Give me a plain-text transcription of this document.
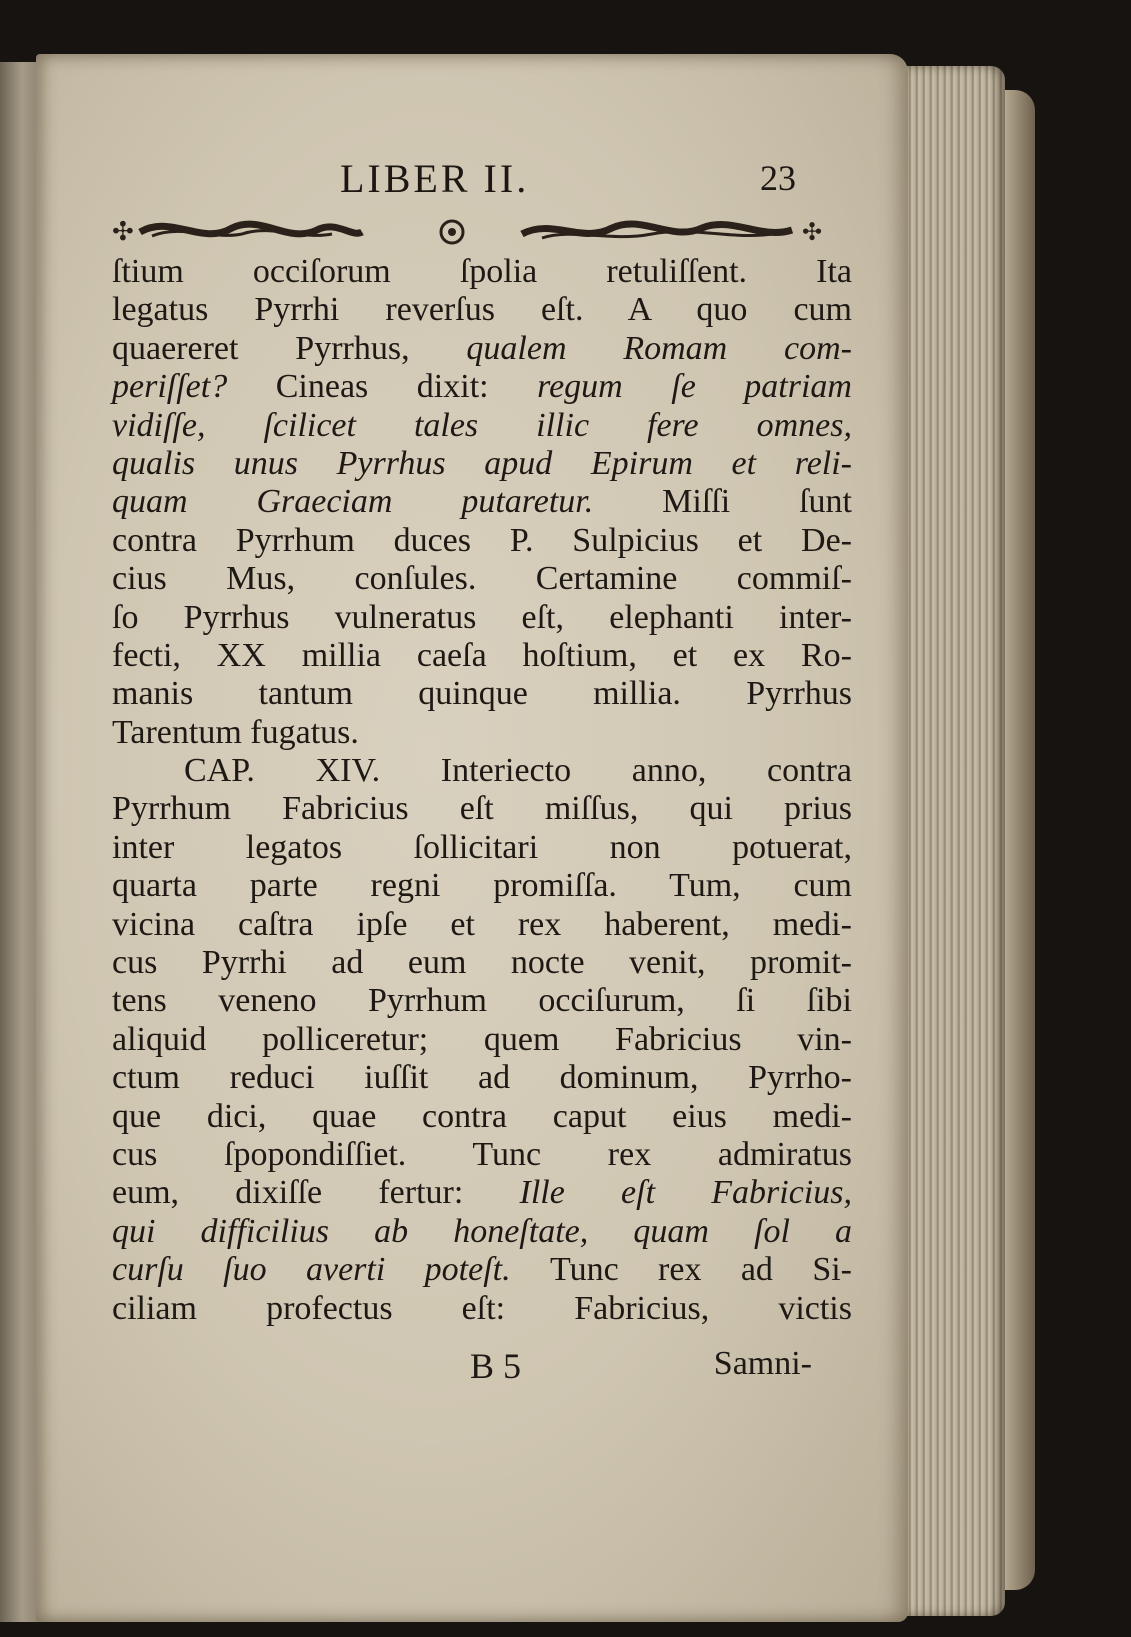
LIBER II.	23
✣	✣
ſtium occiſorum ſpolia retuliſſent. Ita
legatus Pyrrhi reverſus eſt. A quo cum
quaereret Pyrrhus, qualem Romam com-
periſſet? Cineas dixit: regum ſe patriam
vidiſſe, ſcilicet tales illic fere omnes,
qualis unus Pyrrhus apud Epirum et reli-
quam Graeciam putaretur. Miſſi ſunt
contra Pyrrhum duces P. Sulpicius et De-
cius Mus, conſules. Certamine commiſ-
ſo Pyrrhus vulneratus eſt, elephanti inter-
fecti, XX millia caeſa hoſtium, et ex Ro-
manis tantum quinque millia. Pyrrhus
Tarentum fugatus.
CAP. XIV. Interiecto anno, contra
Pyrrhum Fabricius eſt miſſus, qui prius
inter legatos ſollicitari non potuerat,
quarta parte regni promiſſa. Tum, cum
vicina caſtra ipſe et rex haberent, medi-
cus Pyrrhi ad eum nocte venit, promit-
tens veneno Pyrrhum occiſurum, ſi ſibi
aliquid polliceretur; quem Fabricius vin-
ctum reduci iuſſit ad dominum, Pyrrho-
que dici, quae contra caput eius medi-
cus ſpopondiſſiet. Tunc rex admiratus
eum, dixiſſe fertur: Ille eſt Fabricius,
qui difficilius ab honeſtate, quam ſol a
curſu ſuo averti poteſt. Tunc rex ad Si-
ciliam profectus eſt: Fabricius, victis
B 5	Samni-
